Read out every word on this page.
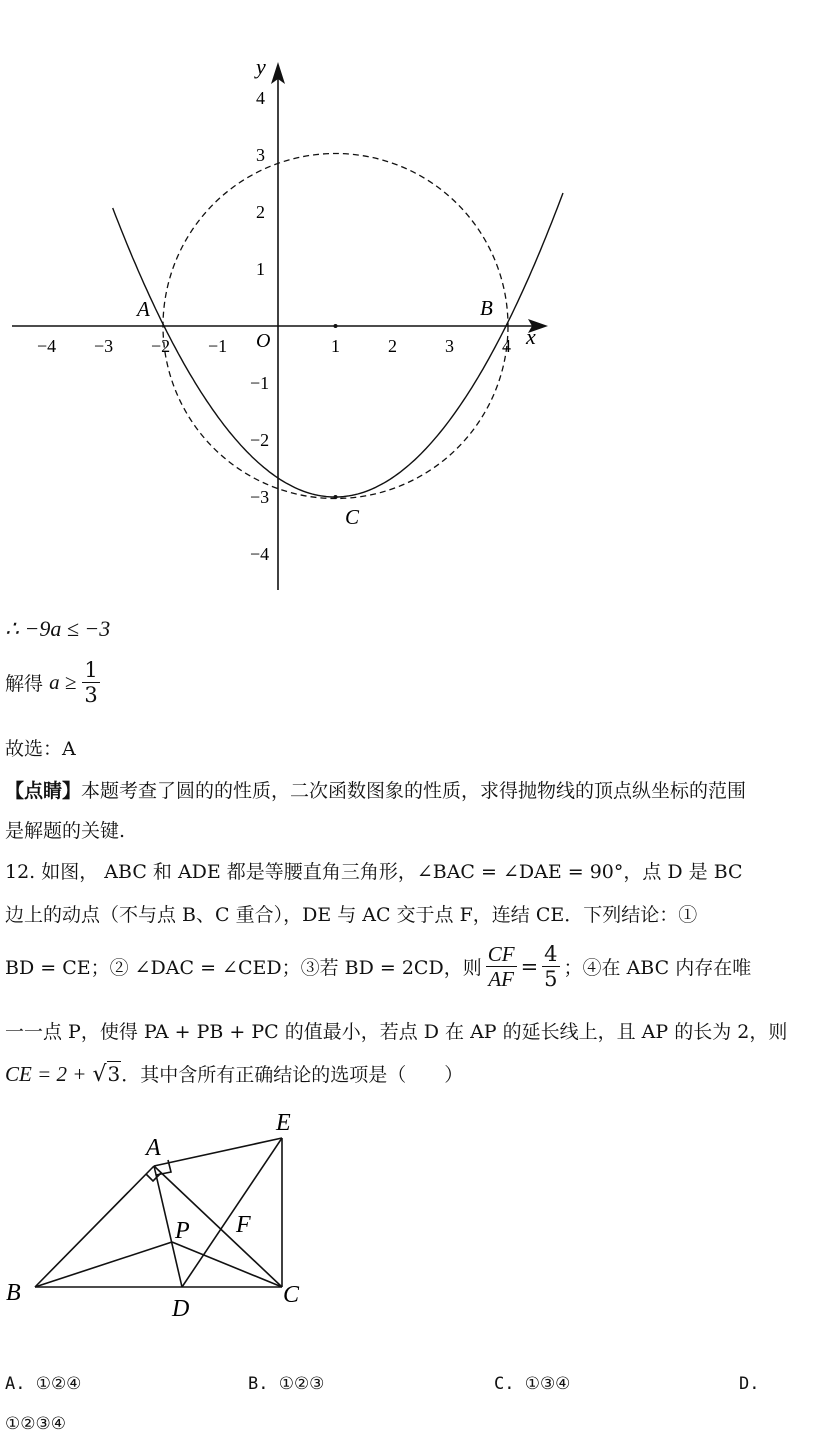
x
y
O
−4 −3 −2 −1	1	2	3	4
4
3
2
1
−1
−2
−3
−4
A	B
C
∴ −9a ≤ −3
解得 $a \ge \frac{1}{3}$
故选：A
【点睛】本题考查了圆的的性质，二次函数图象的性质，求得抛物线的顶点纵坐标的范围
是解题的关键.
12. 如图， ABC 和 ADE 都是等腰直角三角形，∠BAC = ∠DAE = 90°，点 D 是 BC
边上的动点（不与点 B、C 重合），DE 与 AC 交于点 F，连结 CE．下列结论：①
BD = CE；② ∠DAC = ∠CED；③若 BD = 2CD，则 $\frac{CF}{AF} = \frac{4}{5}$ ；④在 ABC 内存在唯
一一点 P，使得 PA + PB + PC 的值最小，若点 D 在 AP 的延长线上，且 AP 的长为 2，则
CE = 2 + √3．其中含所有正确结论的选项是（　　）
A
E
P F
B
D
C
A. ①②④	B. ①②③	C. ①③④	D.
①②③④
